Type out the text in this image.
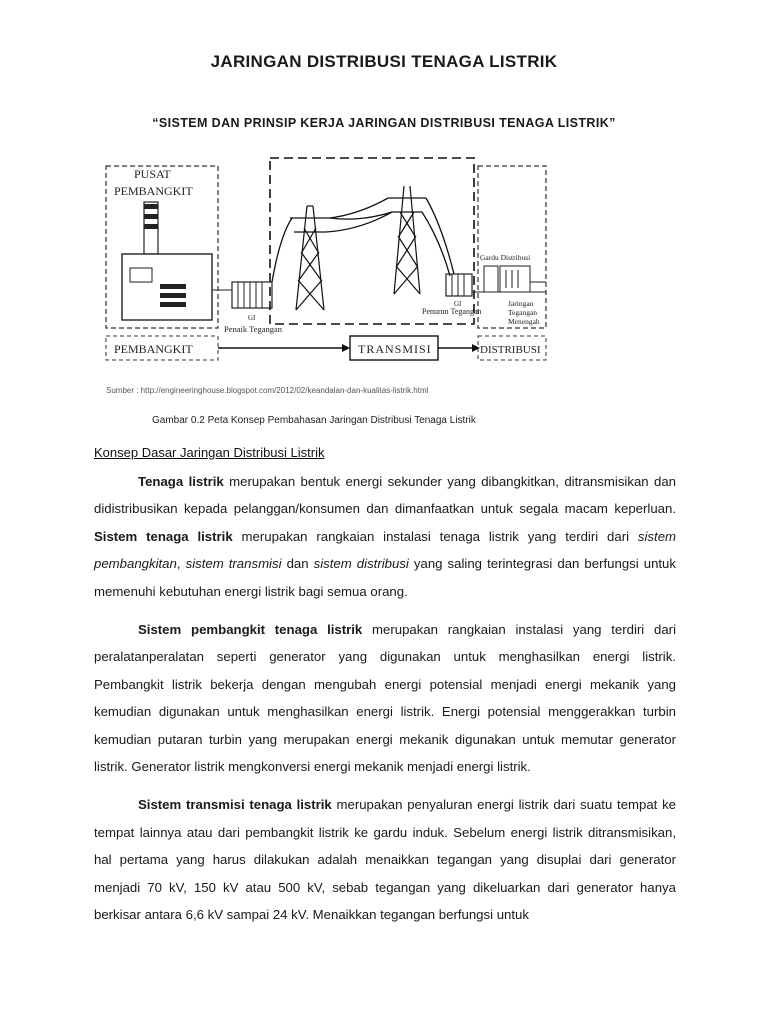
JARINGAN DISTRIBUSI TENAGA LISTRIK
“SISTEM DAN PRINSIP KERJA JARINGAN DISTRIBUSI TENAGA LISTRIK”
PUSAT
PEMBANGKIT
GI
Penaik Tegangan
GI
Penurun Tegangan
Gardu Distribusi
Jaringan
Tegangan
Menengah
PEMBANGKIT	TRANSMISI	DISTRIBUSI
Sumber : http://engineeringhouse.blogspot.com/2012/02/keandalan-dan-kualitas-listrik.html
Gambar 0.2 Peta Konsep Pembahasan Jaringan Distribusi Tenaga Listrik
Konsep Dasar Jaringan Distribusi Listrik

Tenaga listrik merupakan bentuk energi sekunder yang dibangkitkan, ditransmisikan dan didistribusikan kepada pelanggan/konsumen dan dimanfaatkan untuk segala macam keperluan. Sistem tenaga listrik merupakan rangkaian instalasi tenaga listrik yang terdiri dari sistem pembangkitan, sistem transmisi dan sistem distribusi yang saling terintegrasi dan berfungsi untuk memenuhi kebutuhan energi listrik bagi semua orang.

Sistem pembangkit tenaga listrik merupakan rangkaian instalasi yang terdiri dari peralatanperalatan seperti generator yang digunakan untuk menghasilkan energi listrik. Pembangkit listrik bekerja dengan mengubah energi potensial menjadi energi mekanik yang kemudian digunakan untuk menghasilkan energi listrik. Energi potensial menggerakkan turbin kemudian putaran turbin yang merupakan energi mekanik digunakan untuk memutar generator listrik. Generator listrik mengkonversi energi mekanik menjadi energi listrik.

Sistem transmisi tenaga listrik merupakan penyaluran energi listrik dari suatu tempat ke tempat lainnya atau dari pembangkit listrik ke gardu induk. Sebelum energi listrik ditransmisikan, hal pertama yang harus dilakukan adalah menaikkan tegangan yang disuplai dari generator menjadi 70 kV, 150 kV atau 500 kV, sebab tegangan yang dikeluarkan dari generator hanya berkisar antara 6,6 kV sampai 24 kV. Menaikkan tegangan berfungsi untuk
